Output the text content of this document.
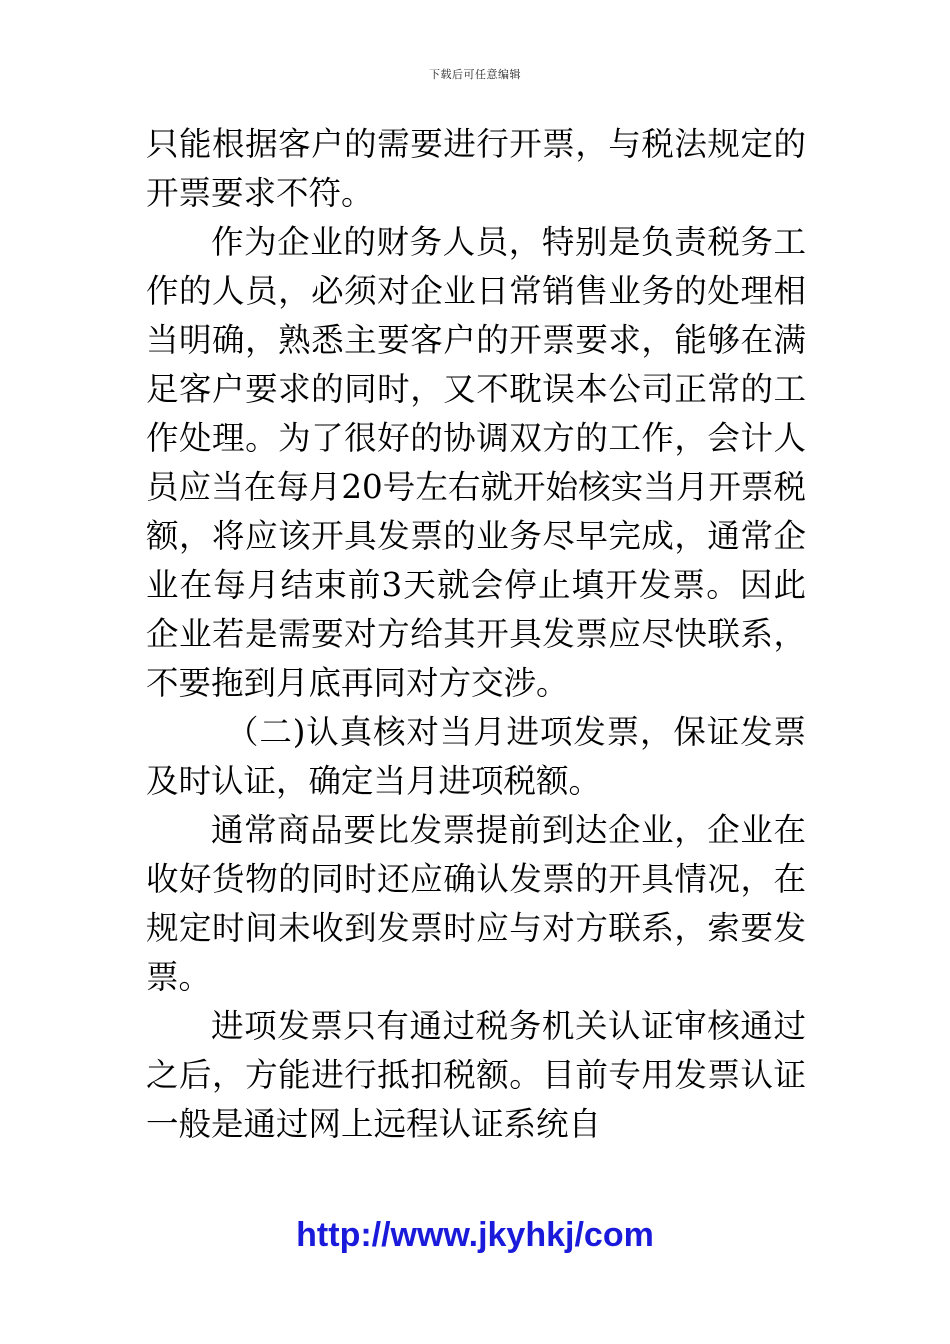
下载后可任意编辑

只能根据客户的需要进行开票，与税法规定的开票要求不符。

作为企业的财务人员，特别是负责税务工作的人员，必须对企业日常销售业务的处理相当明确，熟悉主要客户的开票要求，能够在满足客户要求的同时，又不耽误本公司正常的工作处理。为了很好的协调双方的工作，会计人员应当在每月20号左右就开始核实当月开票税额，将应该开具发票的业务尽早完成，通常企业在每月结束前3天就会停止填开发票。因此企业若是需要对方给其开具发票应尽快联系，不要拖到月底再同对方交涉。

（二)认真核对当月进项发票，保证发票及时认证，确定当月进项税额。

通常商品要比发票提前到达企业，企业在收好货物的同时还应确认发票的开具情况，在规定时间未收到发票时应与对方联系，索要发票。

进项发票只有通过税务机关认证审核通过之后，方能进行抵扣税额。目前专用发票认证一般是通过网上远程认证系统自

http://www.jkyhkj/com
